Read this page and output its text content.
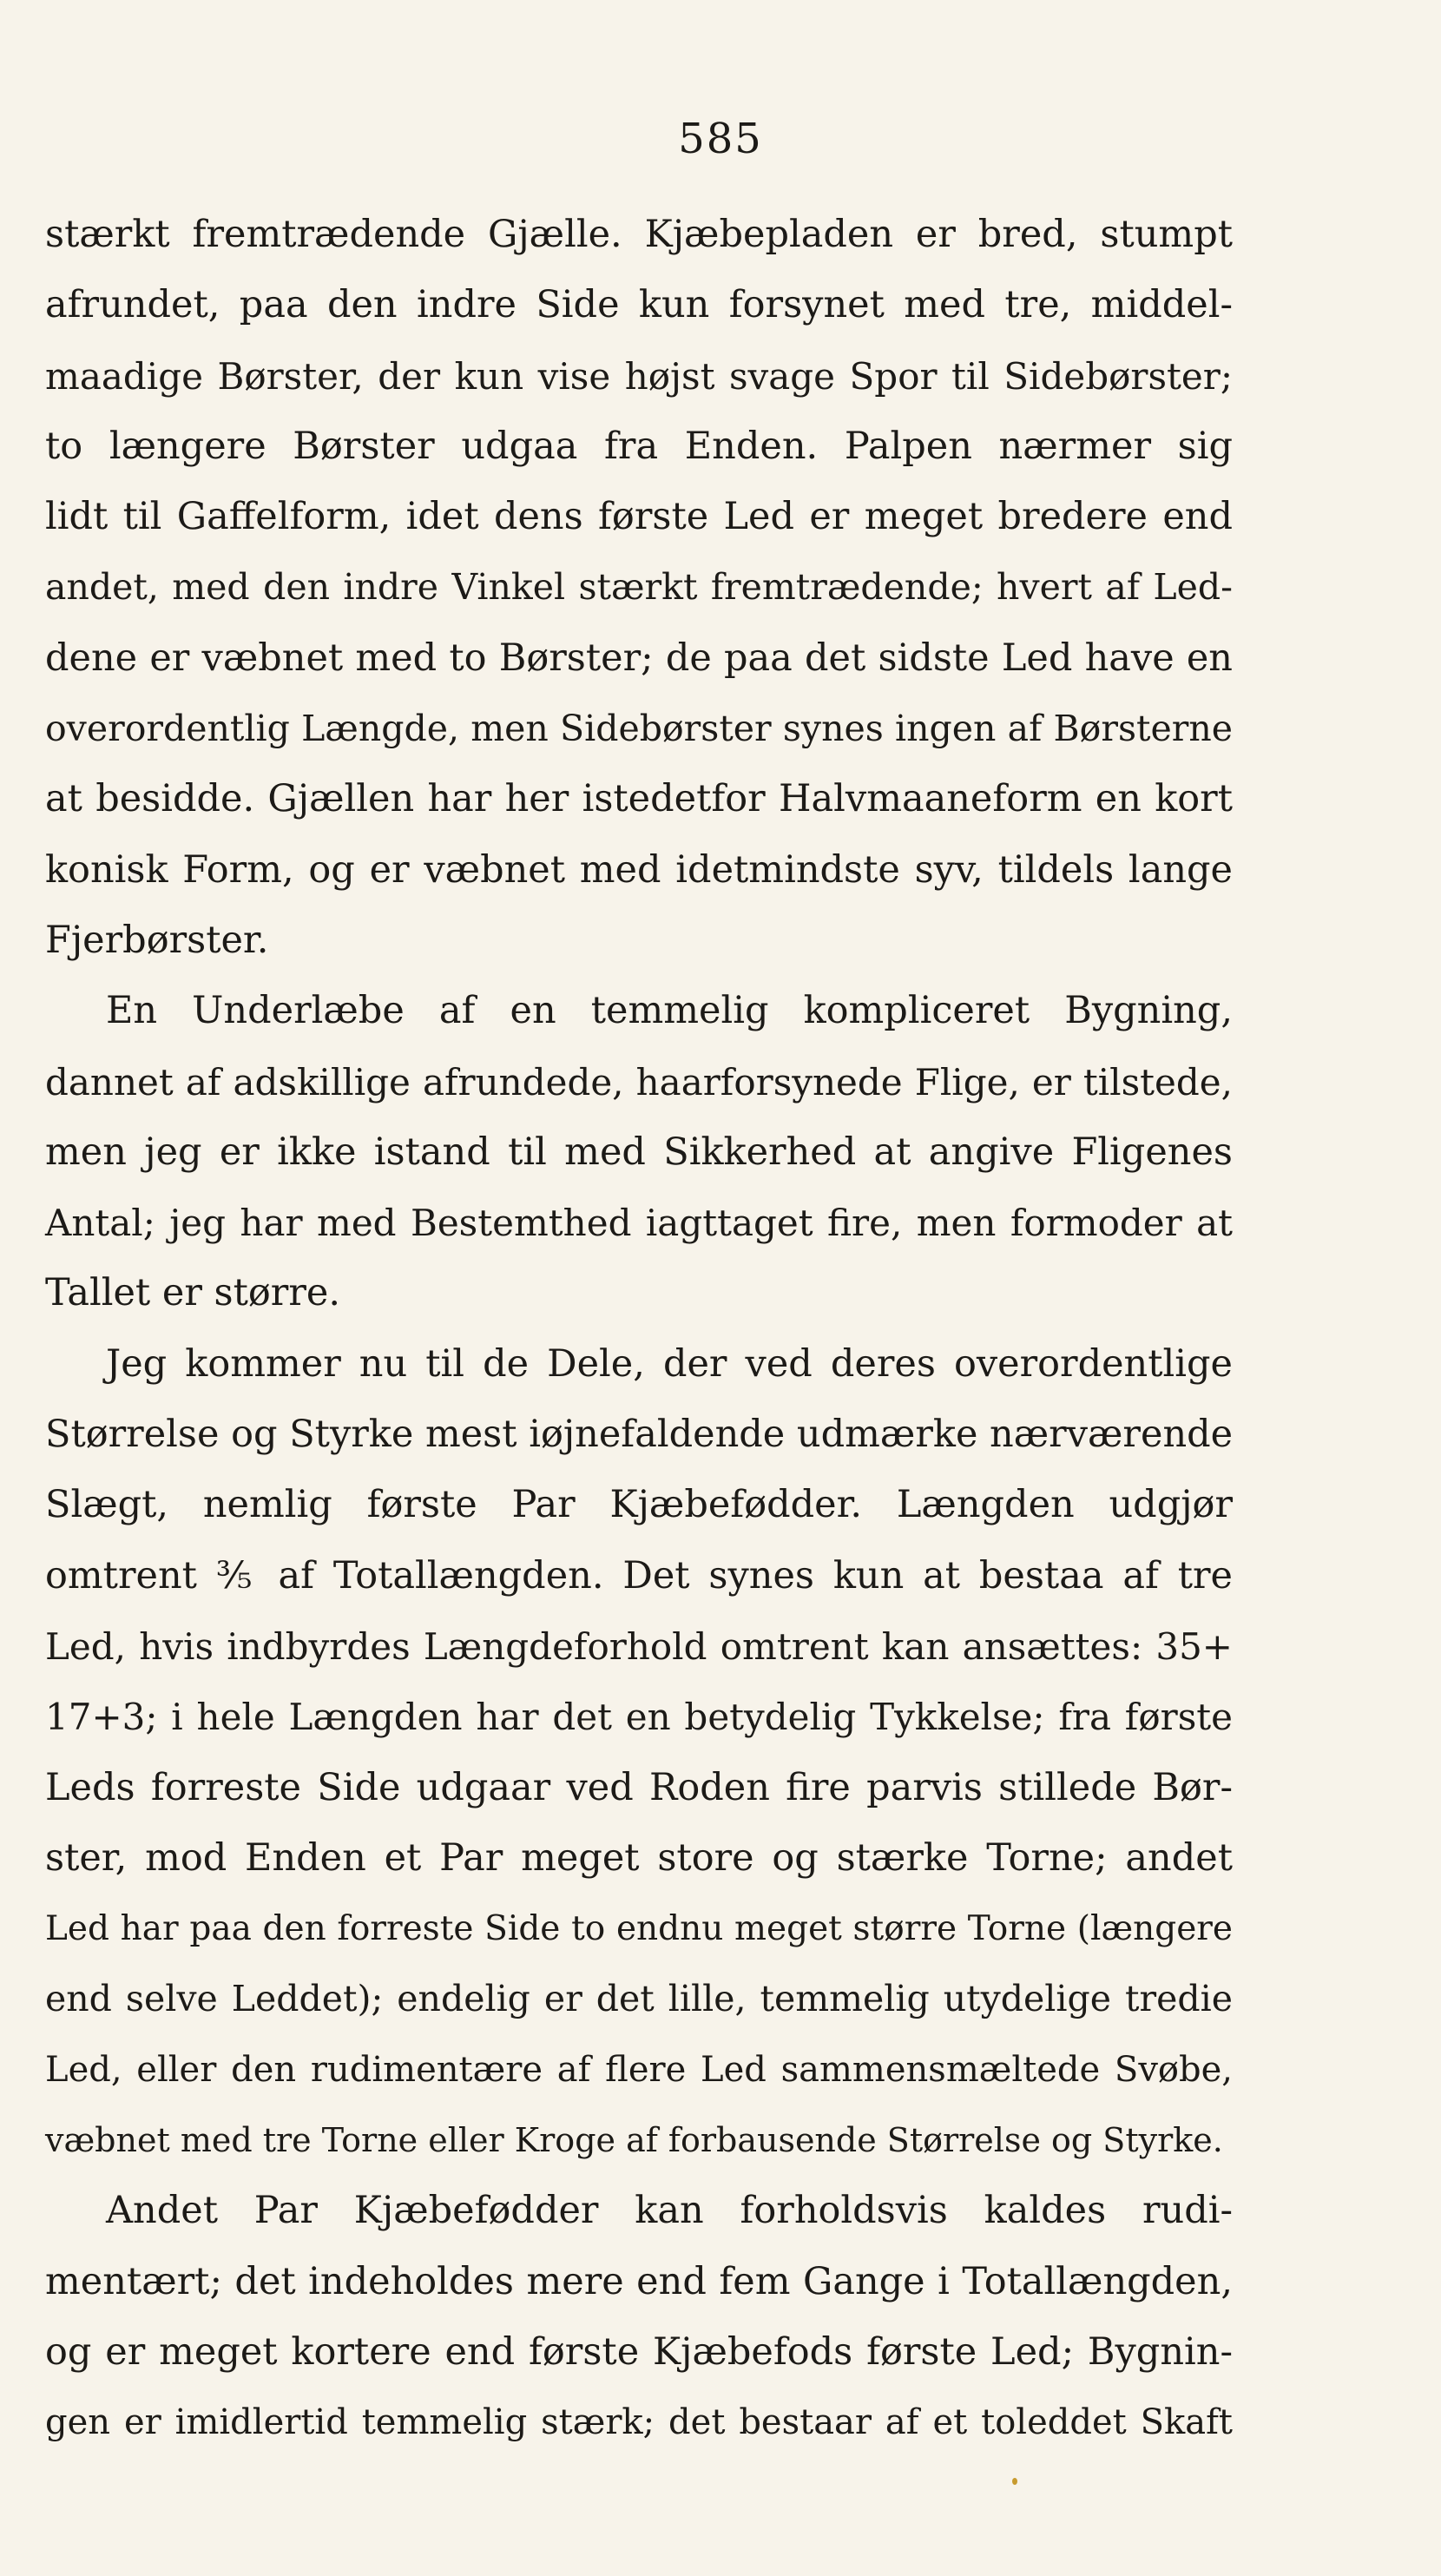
585
stærkt fremtrædende Gjælle. Kjæbepladen er bred, stumpt
afrundet, paa den indre Side kun forsynet med tre, middel-
maadige Børster, der kun vise højst svage Spor til Sidebørster;
to længere Børster udgaa fra Enden. Palpen nærmer sig
lidt til Gaffelform, idet dens første Led er meget bredere end
andet, med den indre Vinkel stærkt fremtrædende; hvert af Led-
dene er væbnet med to Børster; de paa det sidste Led have en
overordentlig Længde, men Sidebørster synes ingen af Børsterne
at besidde. Gjællen har her istedetfor Halvmaaneform en kort
konisk Form, og er væbnet med idetmindste syv, tildels lange
Fjerbørster.
En Underlæbe af en temmelig kompliceret Bygning,
dannet af adskillige afrundede, haarforsynede Flige, er tilstede,
men jeg er ikke istand til med Sikkerhed at angive Fligenes
Antal; jeg har med Bestemthed iagttaget fire, men formoder at
Tallet er større.
Jeg kommer nu til de Dele, der ved deres overordentlige
Størrelse og Styrke mest iøjnefaldende udmærke nærværende
Slægt, nemlig første Par Kjæbefødder. Længden udgjør
omtrent ⅗ af Totallængden. Det synes kun at bestaa af tre
Led, hvis indbyrdes Længdeforhold omtrent kan ansættes: 35+
17+3; i hele Længden har det en betydelig Tykkelse; fra første
Leds forreste Side udgaar ved Roden fire parvis stillede Bør-
ster, mod Enden et Par meget store og stærke Torne; andet
Led har paa den forreste Side to endnu meget større Torne (længere
end selve Leddet); endelig er det lille, temmelig utydelige tredie
Led, eller den rudimentære af flere Led sammensmæltede Svøbe,
væbnet med tre Torne eller Kroge af forbausende Størrelse og Styrke.
Andet Par Kjæbefødder kan forholdsvis kaldes rudi-
mentært; det indeholdes mere end fem Gange i Totallængden,
og er meget kortere end første Kjæbefods første Led; Bygnin-
gen er imidlertid temmelig stærk; det bestaar af et toleddet Skaft
